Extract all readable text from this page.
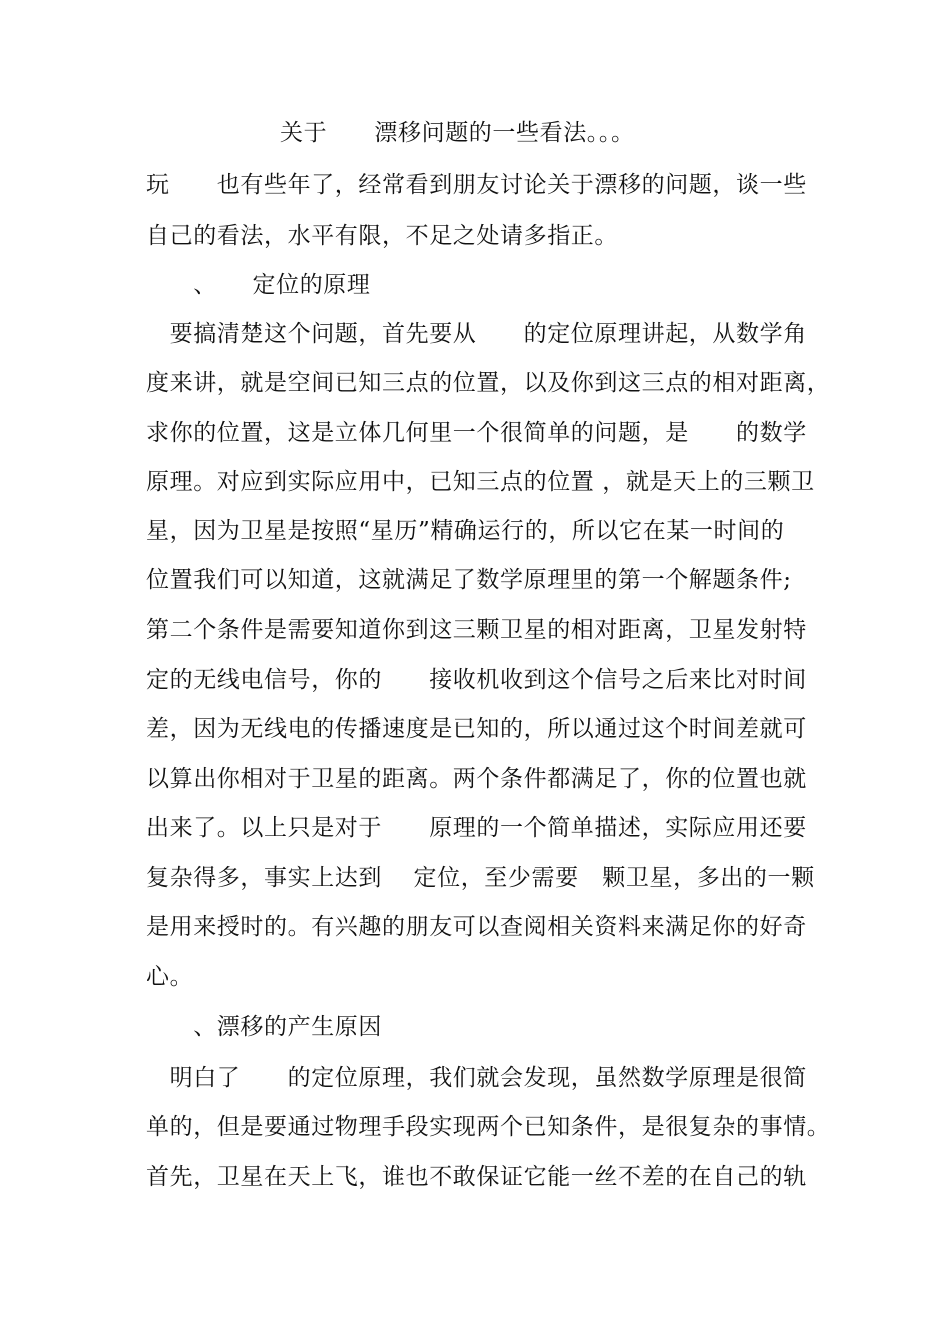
关于　　漂移问题的一些看法。。。
玩　　也有些年了，经常看到朋友讨论关于漂移的问题，谈一些
自己的看法，水平有限，不足之处请多指正。
　　、　　定位的原理
　要搞清楚这个问题，首先要从　　的定位原理讲起，从数学角
度来讲，就是空间已知三点的位置，以及你到这三点的相对距离，
求你的位置，这是立体几何里一个很简单的问题，是　　的数学
原理。对应到实际应用中，已知三点的位置 ，就是天上的三颗卫
星，因为卫星是按照“星历”精确运行的，所以它在某一时间的
位置我们可以知道，这就满足了数学原理里的第一个解题条件;
第二个条件是需要知道你到这三颗卫星的相对距离，卫星发射特
定的无线电信号，你的　　接收机收到这个信号之后来比对时间
差，因为无线电的传播速度是已知的，所以通过这个时间差就可
以算出你相对于卫星的距离。两个条件都满足了，你的位置也就
出来了。以上只是对于　　原理的一个简单描述，实际应用还要
复杂得多，事实上达到　 定位，至少需要　颗卫星，多出的一颗
是用来授时的。有兴趣的朋友可以查阅相关资料来满足你的好奇
心。
　　、漂移的产生原因
　明白了　　的定位原理，我们就会发现，虽然数学原理是很简
单的，但是要通过物理手段实现两个已知条件，是很复杂的事情。
首先，卫星在天上飞，谁也不敢保证它能一丝不差的在自己的轨
